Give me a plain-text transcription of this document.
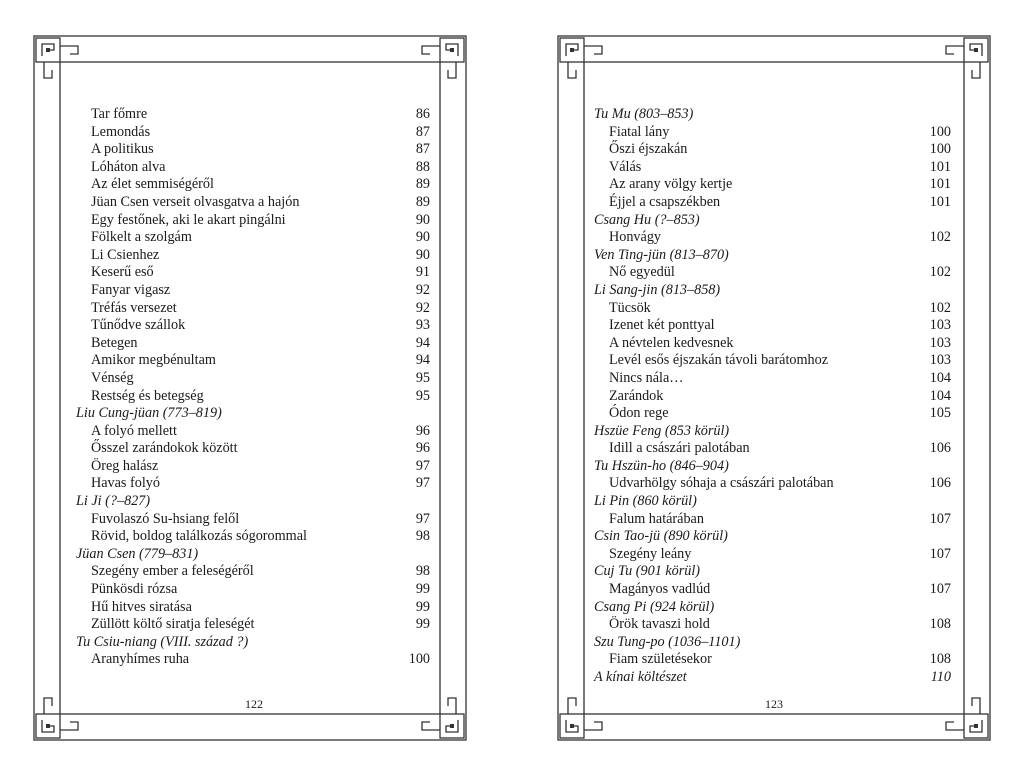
Tar főmre	86
Lemondás	87
A politikus	87
Lóháton alva	88
Az élet semmiségéről	89
Jüan Csen verseit olvasgatva a hajón	89
Egy festőnek, aki le akart pingálni	90
Fölkelt a szolgám	90
Li Csienhez	90
Keserű eső	91
Fanyar vigasz	92
Tréfás versezet	92
Tűnődve szállok	93
Betegen	94
Amikor megbénultam	94
Vénség	95
Restség és betegség	95
Liu Cung-jüan (773–819)
A folyó mellett	96
Ősszel zarándokok között	96
Öreg halász	97
Havas folyó	97
Li Ji (?–827)
Fuvolaszó Su-hsiang felől	97
Rövid, boldog találkozás sógorommal	98
Jüan Csen (779–831)
Szegény ember a feleségéről	98
Pünkösdi rózsa	99
Hű hitves siratása	99
Züllött költő siratja feleségét	99
Tu Csiu-niang (VIII. század ?)
Aranyhímes ruha	100
122
Tu Mu (803–853)
Fiatal lány	100
Őszi éjszakán	100
Válás	101
Az arany völgy kertje	101
Éjjel a csapszékben	101
Csang Hu (?–853)
Honvágy	102
Ven Ting-jün (813–870)
Nő egyedül	102
Li Sang-jin (813–858)
Tücsök	102
Izenet két ponttyal	103
A névtelen kedvesnek	103
Levél esős éjszakán távoli barátomhoz	103
Nincs nála…	104
Zarándok	104
Ódon rege	105
Hszüe Feng (853 körül)
Idill a császári palotában	106
Tu Hszün-ho (846–904)
Udvarhölgy sóhaja a császári palotában	106
Li Pin (860 körül)
Falum határában	107
Csin Tao-jü (890 körül)
Szegény leány	107
Cuj Tu (901 körül)
Magányos vadlúd	107
Csang Pi (924 körül)
Örök tavaszi hold	108
Szu Tung-po (1036–1101)
Fiam születésekor	108
A kínai költészet	110
123
